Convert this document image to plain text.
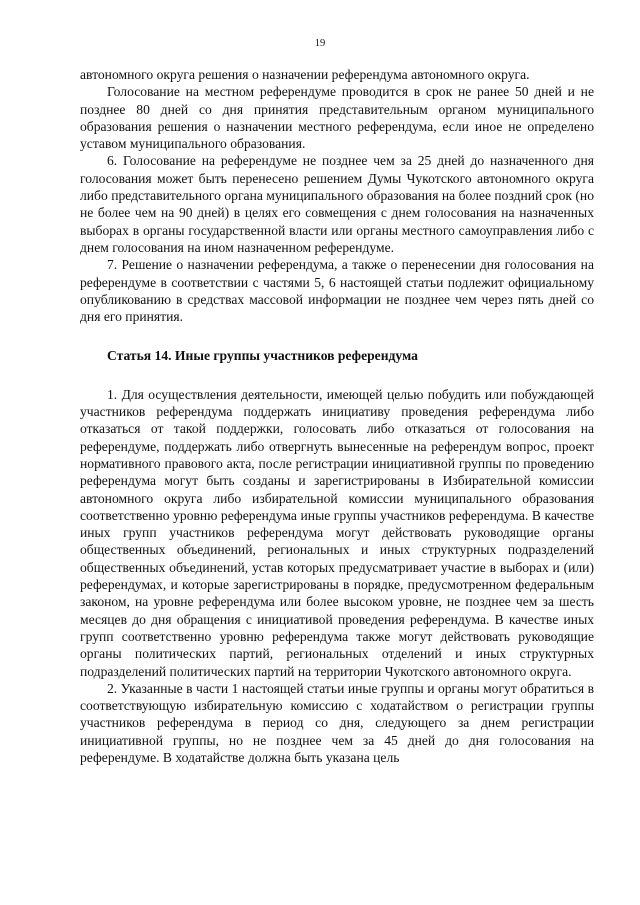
19

автономного округа решения о назначении референдума автономного округа.

Голосование на местном референдуме проводится в срок не ранее 50 дней и не позднее 80 дней со дня принятия представительным органом муниципального образования решения о назначении местного референдума, если иное не определено уставом муниципального образования.

6. Голосование на референдуме не позднее чем за 25 дней до назначенного дня голосования может быть перенесено решением Думы Чукотского автономного округа либо представительного органа муниципального образования на более поздний срок (но не более чем на 90 дней) в целях его совмещения с днем голосования на назначенных выборах в органы государственной власти или органы местного самоуправления либо с днем голосования на ином назначенном референдуме.

7. Решение о назначении референдума, а также о перенесении дня голосования на референдуме в соответствии с частями 5, 6 настоящей статьи подлежит официальному опубликованию в средствах массовой информации не позднее чем через пять дней со дня его принятия.

Статья 14. Иные группы участников референдума

1. Для осуществления деятельности, имеющей целью побудить или побуждающей участников референдума поддержать инициативу проведения референдума либо отказаться от такой поддержки, голосовать либо отказаться от голосования на референдуме, поддержать либо отвергнуть вынесенные на референдум вопрос, проект нормативного правового акта, после регистрации инициативной группы по проведению референдума могут быть созданы и зарегистрированы в Избирательной комиссии автономного округа либо избирательной комиссии муниципального образования соответственно уровню референдума иные группы участников референдума. В качестве иных групп участников референдума могут действовать руководящие органы общественных объединений, региональных и иных структурных подразделений общественных объединений, устав которых предусматривает участие в выборах и (или) референдумах, и которые зарегистрированы в порядке, предусмотренном федеральным законом, на уровне референдума или более высоком уровне, не позднее чем за шесть месяцев до дня обращения с инициативой проведения референдума. В качестве иных групп соответственно уровню референдума также могут действовать руководящие органы политических партий, региональных отделений и иных структурных подразделений политических партий на территории Чукотского автономного округа.

2. Указанные в части 1 настоящей статьи иные группы и органы могут обратиться в соответствующую избирательную комиссию с ходатайством о регистрации группы участников референдума в период со дня, следующего за днем регистрации инициативной группы, но не позднее чем за 45 дней до дня голосования на референдуме. В ходатайстве должна быть указана цель
